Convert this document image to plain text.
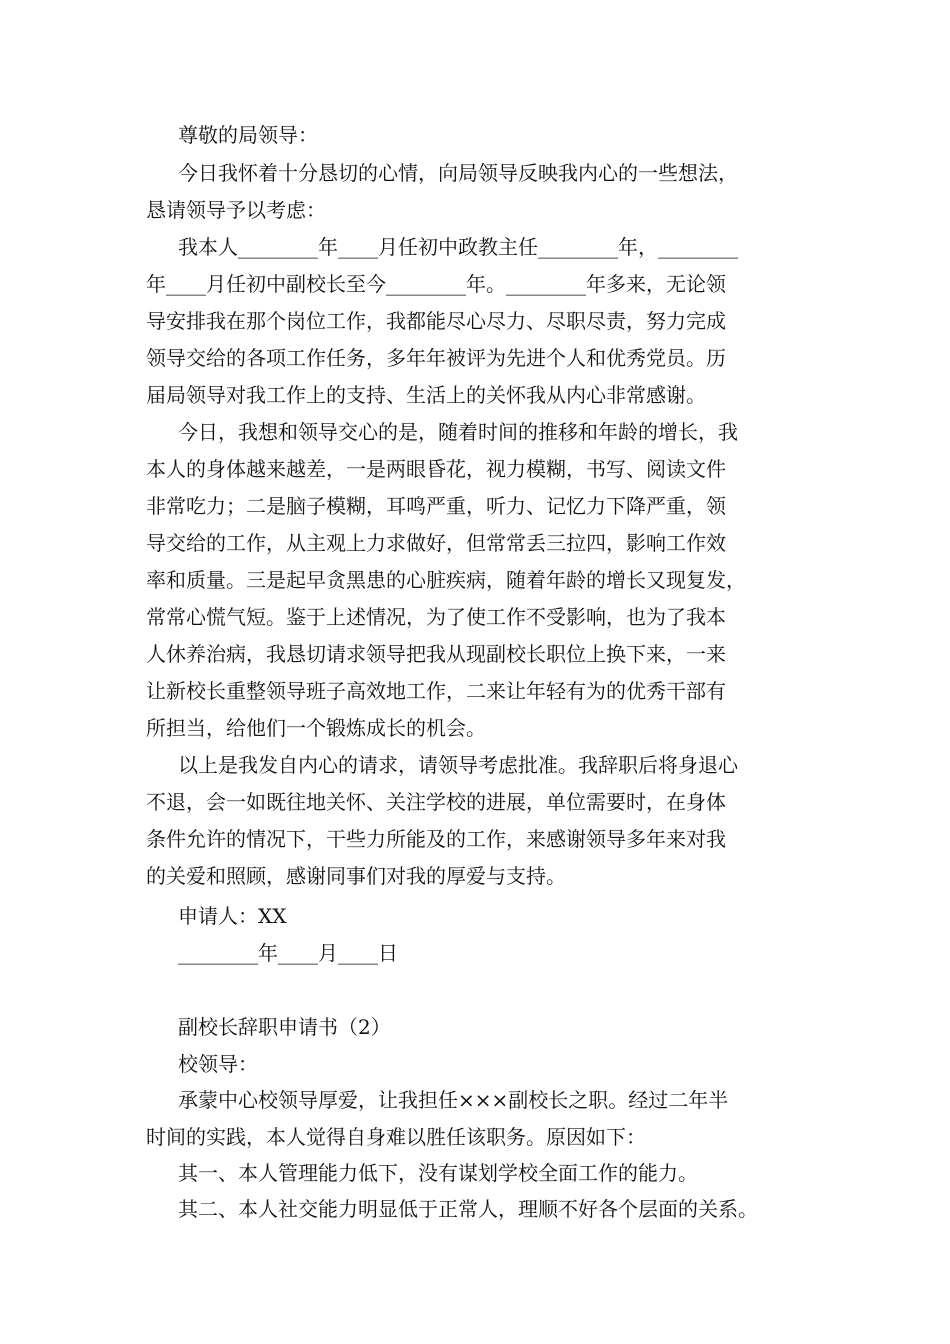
尊敬的局领导：
今日我怀着十分恳切的心情，向局领导反映我内心的一些想法，
恳请领导予以考虑：
我本人________年____月任初中政教主任________年，________
年____月任初中副校长至今________年。________年多来，无论领
导安排我在那个岗位工作，我都能尽心尽力、尽职尽责，努力完成
领导交给的各项工作任务，多年年被评为先进个人和优秀党员。历
届局领导对我工作上的支持、生活上的关怀我从内心非常感谢。
今日，我想和领导交心的是，随着时间的推移和年龄的增长，我
本人的身体越来越差，一是两眼昏花，视力模糊，书写、阅读文件
非常吃力；二是脑子模糊，耳鸣严重，听力、记忆力下降严重，领
导交给的工作，从主观上力求做好，但常常丢三拉四，影响工作效
率和质量。三是起早贪黑患的心脏疾病，随着年龄的增长又现复发，
常常心慌气短。鉴于上述情况，为了使工作不受影响，也为了我本
人休养治病，我恳切请求领导把我从现副校长职位上换下来，一来
让新校长重整领导班子高效地工作，二来让年轻有为的优秀干部有
所担当，给他们一个锻炼成长的机会。
以上是我发自内心的请求，请领导考虑批准。我辞职后将身退心
不退，会一如既往地关怀、关注学校的进展，单位需要时，在身体
条件允许的情况下，干些力所能及的工作，来感谢领导多年来对我
的关爱和照顾，感谢同事们对我的厚爱与支持。
申请人：XX
________年____月____日
副校长辞职申请书（2）
校领导：
承蒙中心校领导厚爱，让我担任×××副校长之职。经过二年半
时间的实践，本人觉得自身难以胜任该职务。原因如下：
其一、本人管理能力低下，没有谋划学校全面工作的能力。
其二、本人社交能力明显低于正常人，理顺不好各个层面的关系。
